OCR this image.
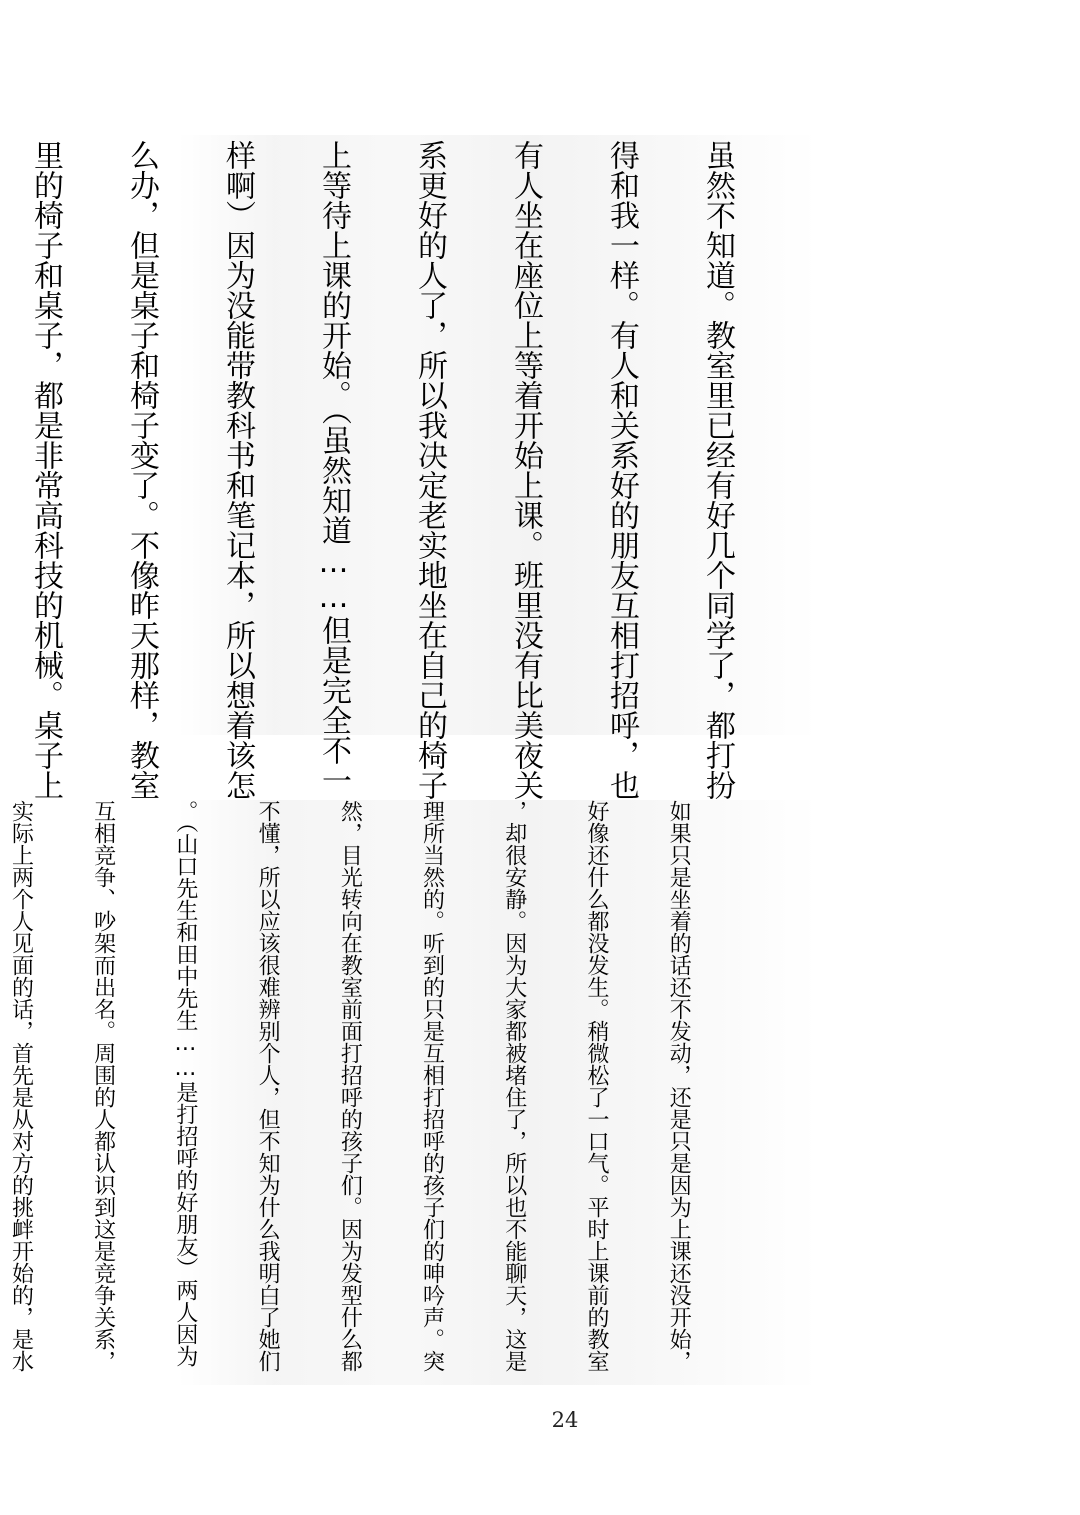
虽然不知道。教室里已经有好几个同学了，都打扮

得和我一样。有人和关系好的朋友互相打招呼，也

有人坐在座位上等着开始上课。班里没有比美夜关

系更好的人了，所以我决定老实地坐在自己的椅子

上等待上课的开始。（虽然知道……但是完全不一

样啊）因为没能带教科书和笔记本，所以想着该怎

么办，但是桌子和椅子变了。不像昨天那样，教室

里的椅子和桌子，都是非常高科技的机械。桌子上

如果只是坐着的话还不发动，还是只是因为上课还没开始，

好像还什么都没发生。稍微松了一口气。平时上课前的教室

，却很安静。因为大家都被堵住了，所以也不能聊天，这是

理所当然的。听到的只是互相打招呼的孩子们的呻吟声。突

然，目光转向在教室前面打招呼的孩子们。因为发型什么都

不懂，所以应该很难辨别个人，但不知为什么我明白了她们

。（山口先生和田中先生……是打招呼的好朋友）两人因为

互相竞争、吵架而出名。周围的人都认识到这是竞争关系，

实际上两个人见面的话，首先是从对方的挑衅开始的，是水

24
